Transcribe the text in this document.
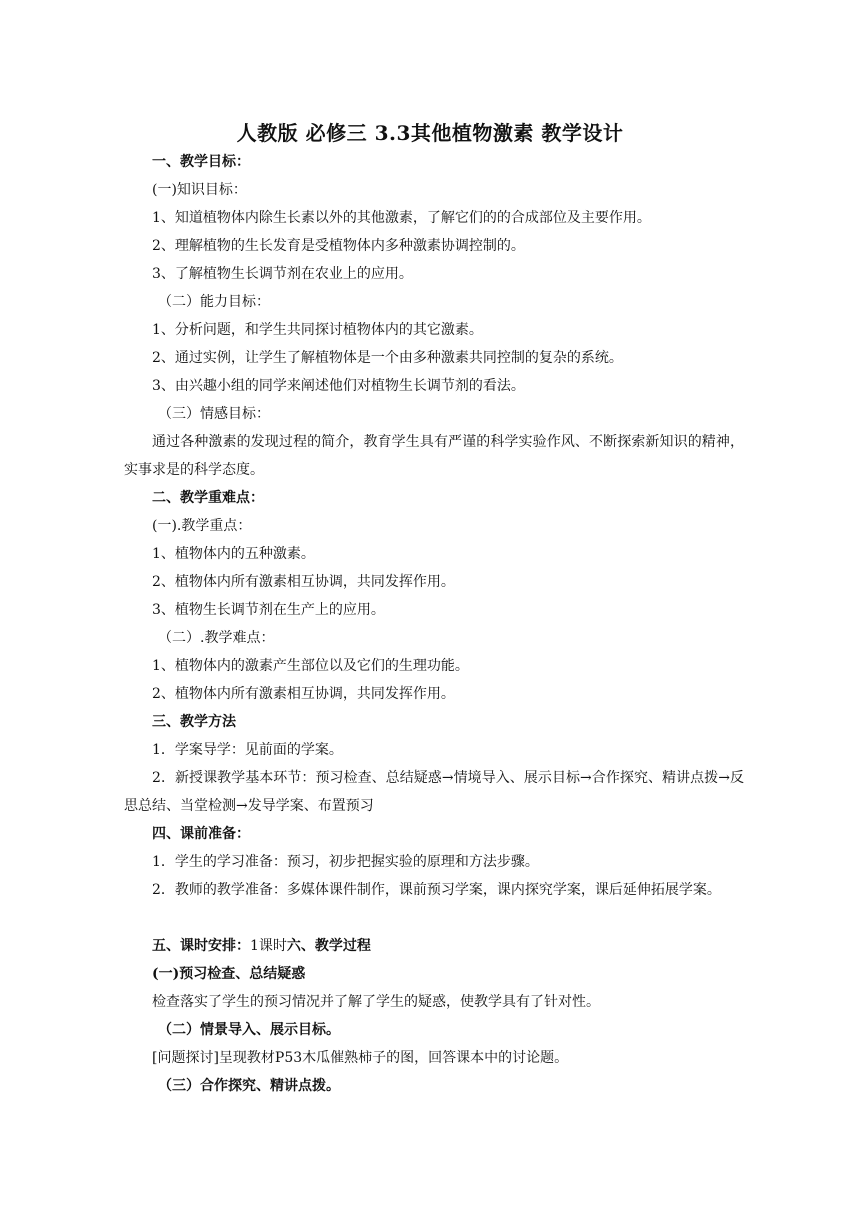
人教版 必修三 3.3其他植物激素 教学设计
一、教学目标：
(一)知识目标：
1、知道植物体内除生长素以外的其他激素，了解它们的的合成部位及主要作用。
2、理解植物的生长发育是受植物体内多种激素协调控制的。
3、了解植物生长调节剂在农业上的应用。
（二）能力目标：
1、分析问题，和学生共同探讨植物体内的其它激素。
2、通过实例，让学生了解植物体是一个由多种激素共同控制的复杂的系统。
3、由兴趣小组的同学来阐述他们对植物生长调节剂的看法。
（三）情感目标：
通过各种激素的发现过程的简介，教育学生具有严谨的科学实验作风、不断探索新知识的精神，实事求是的科学态度。
二、教学重难点：
(一).教学重点：
1、植物体内的五种激素。
2、植物体内所有激素相互协调，共同发挥作用。
3、植物生长调节剂在生产上的应用。
（二）.教学难点：
1、植物体内的激素产生部位以及它们的生理功能。
2、植物体内所有激素相互协调，共同发挥作用。
三、教学方法
1．学案导学：见前面的学案。
2．新授课教学基本环节：预习检查、总结疑惑→情境导入、展示目标→合作探究、精讲点拨→反思总结、当堂检测→发导学案、布置预习
四、课前准备：
1．学生的学习准备：预习，初步把握实验的原理和方法步骤。
2．教师的教学准备：多媒体课件制作，课前预习学案，课内探究学案，课后延伸拓展学案。
五、课时安排：1课时六、教学过程
(一)预习检查、总结疑惑
检查落实了学生的预习情况并了解了学生的疑惑，使教学具有了针对性。
（二）情景导入、展示目标。
[问题探讨]呈现教材P53木瓜催熟柿子的图，回答课本中的讨论题。
（三）合作探究、精讲点拨。
